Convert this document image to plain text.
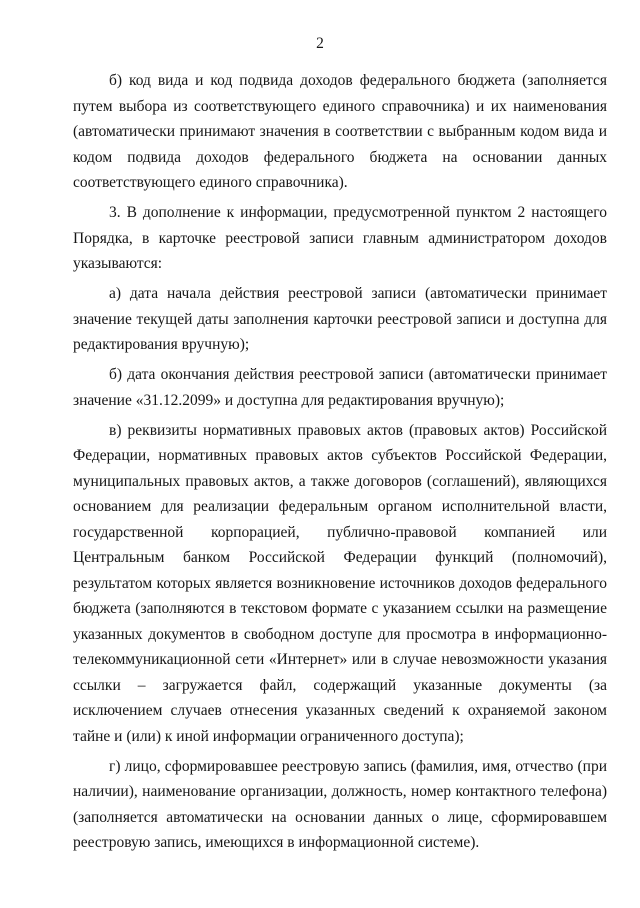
2

б) код вида и код подвида доходов федерального бюджета (заполняется путем выбора из соответствующего единого справочника) и их наименования (автоматически принимают значения в соответствии с выбранным кодом вида и кодом подвида доходов федерального бюджета на основании данных соответствующего единого справочника).

3. В дополнение к информации, предусмотренной пунктом 2 настоящего Порядка, в карточке реестровой записи главным администратором доходов указываются:

а) дата начала действия реестровой записи (автоматически принимает значение текущей даты заполнения карточки реестровой записи и доступна для редактирования вручную);

б) дата окончания действия реестровой записи (автоматически принимает значение «31.12.2099» и доступна для редактирования вручную);

в) реквизиты нормативных правовых актов (правовых актов) Российской Федерации, нормативных правовых актов субъектов Российской Федерации, муниципальных правовых актов, а также договоров (соглашений), являющихся основанием для реализации федеральным органом исполнительной власти, государственной корпорацией, публично-правовой компанией или Центральным банком Российской Федерации функций (полномочий), результатом которых является возникновение источников доходов федерального бюджета (заполняются в текстовом формате с указанием ссылки на размещение указанных документов в свободном доступе для просмотра в информационно-телекоммуникационной сети «Интернет» или в случае невозможности указания ссылки – загружается файл, содержащий указанные документы (за исключением случаев отнесения указанных сведений к охраняемой законом тайне и (или) к иной информации ограниченного доступа);

г) лицо, сформировавшее реестровую запись (фамилия, имя, отчество (при наличии), наименование организации, должность, номер контактного телефона) (заполняется автоматически на основании данных о лице, сформировавшем реестровую запись, имеющихся в информационной системе).
